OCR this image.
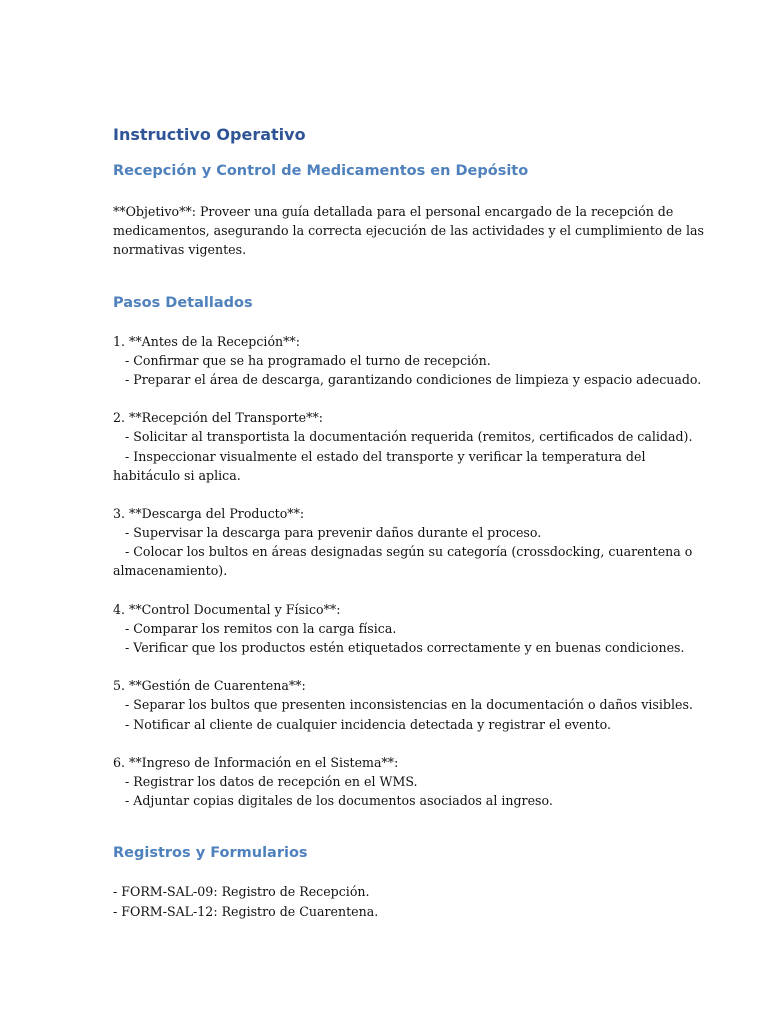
Instructivo Operativo
Recepción y Control de Medicamentos en Depósito
**Objetivo**: Proveer una guía detallada para el personal encargado de la recepción de
medicamentos, asegurando la correcta ejecución de las actividades y el cumplimiento de las
normativas vigentes.
Pasos Detallados
1. **Antes de la Recepción**:
- Confirmar que se ha programado el turno de recepción.
- Preparar el área de descarga, garantizando condiciones de limpieza y espacio adecuado.
2. **Recepción del Transporte**:
- Solicitar al transportista la documentación requerida (remitos, certificados de calidad).
- Inspeccionar visualmente el estado del transporte y verificar la temperatura del
habitáculo si aplica.
3. **Descarga del Producto**:
- Supervisar la descarga para prevenir daños durante el proceso.
- Colocar los bultos en áreas designadas según su categoría (crossdocking, cuarentena o
almacenamiento).
4. **Control Documental y Físico**:
- Comparar los remitos con la carga física.
- Verificar que los productos estén etiquetados correctamente y en buenas condiciones.
5. **Gestión de Cuarentena**:
- Separar los bultos que presenten inconsistencias en la documentación o daños visibles.
- Notificar al cliente de cualquier incidencia detectada y registrar el evento.
6. **Ingreso de Información en el Sistema**:
- Registrar los datos de recepción en el WMS.
- Adjuntar copias digitales de los documentos asociados al ingreso.
Registros y Formularios
- FORM-SAL-09: Registro de Recepción.
- FORM-SAL-12: Registro de Cuarentena.
